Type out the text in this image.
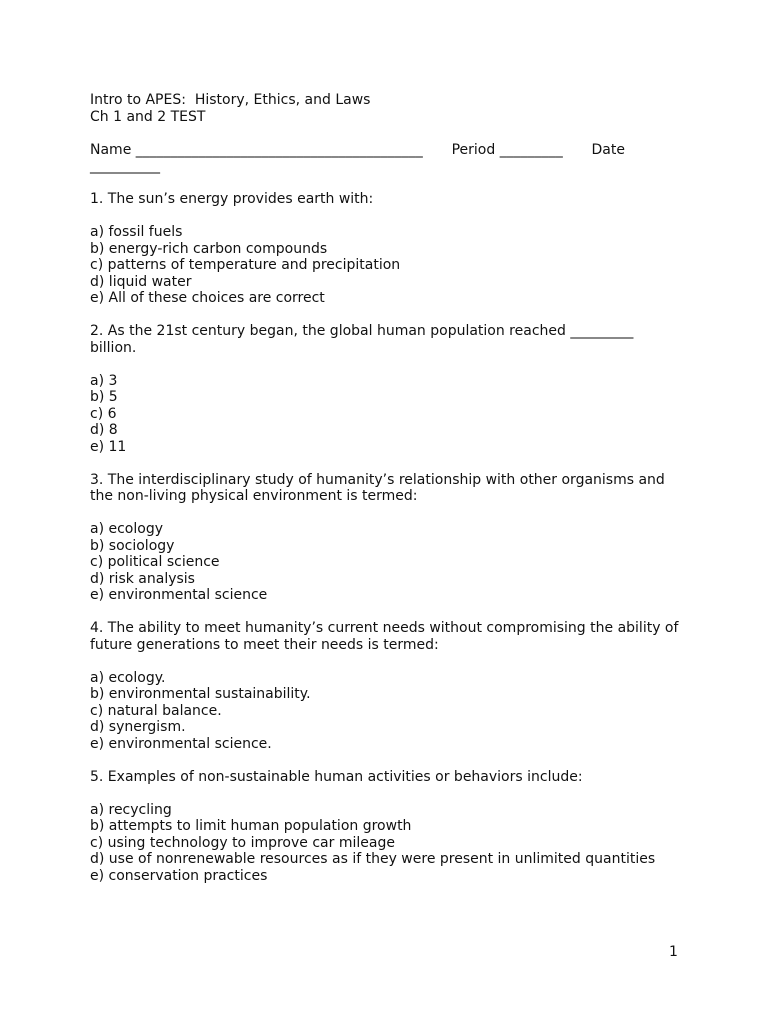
Intro to APES:  History, Ethics, and Laws

Ch 1 and 2 TEST

Name _________________________________________ Period _________ Date

__________

1. The sun’s energy provides earth with:

a) fossil fuels

b) energy-rich carbon compounds

c) patterns of temperature and precipitation

d) liquid water

e) All of these choices are correct

2. As the 21st century began, the global human population reached _________

billion.

a) 3

b) 5

c) 6

d) 8

e) 11

3. The interdisciplinary study of humanity’s relationship with other organisms and

the non-living physical environment is termed:

a) ecology

b) sociology

c) political science

d) risk analysis

e) environmental science

4. The ability to meet humanity’s current needs without compromising the ability of

future generations to meet their needs is termed:

a) ecology.

b) environmental sustainability.

c) natural balance.

d) synergism.

e) environmental science.

5. Examples of non-sustainable human activities or behaviors include:

a) recycling

b) attempts to limit human population growth

c) using technology to improve car mileage

d) use of nonrenewable resources as if they were present in unlimited quantities

e) conservation practices

1
